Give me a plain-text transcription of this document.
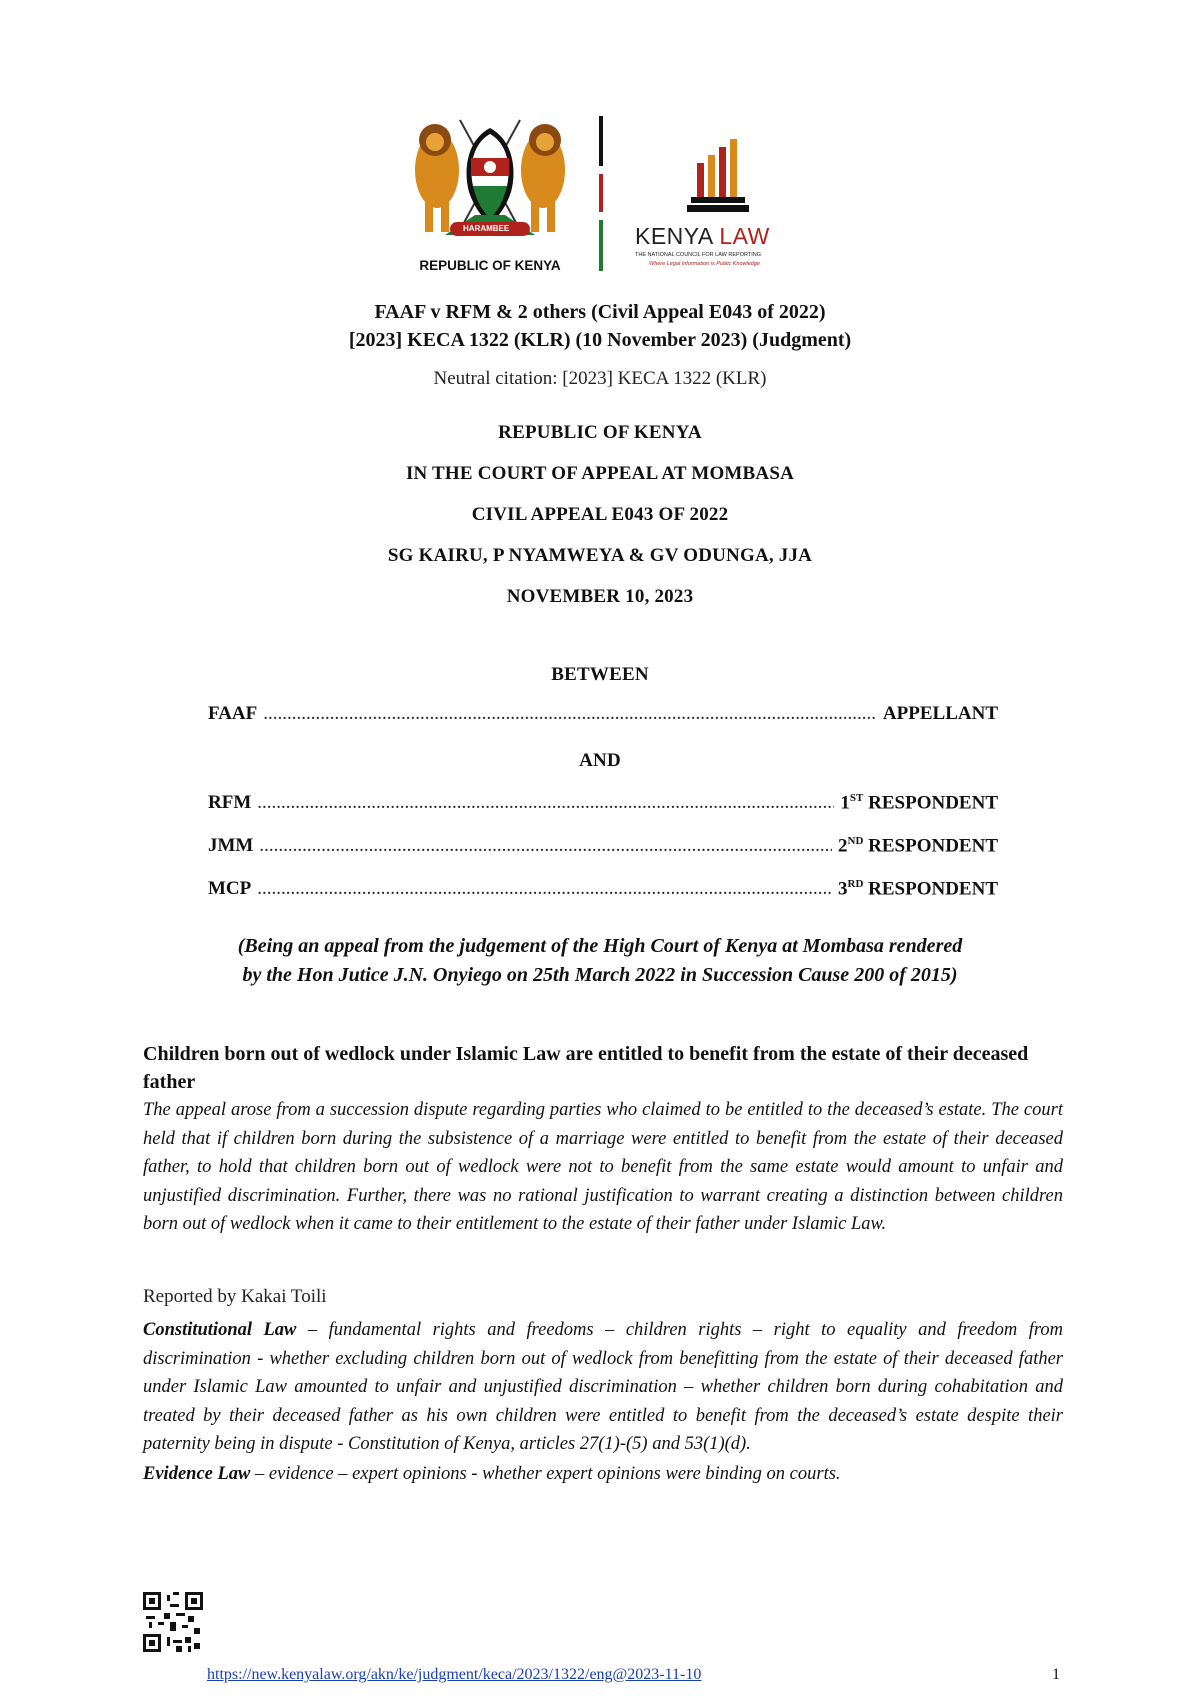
HARAMBEE
REPUBLIC OF KENYA
KENYA LAW
THE NATIONAL COUNCIL FOR LAW REPORTING
Where Legal Information is Public Knowledge
FAAF v RFM & 2 others (Civil Appeal E043 of 2022)
[2023] KECA 1322 (KLR) (10 November 2023) (Judgment)
Neutral citation: [2023] KECA 1322 (KLR)
REPUBLIC OF KENYA
IN THE COURT OF APPEAL AT MOMBASA
CIVIL APPEAL E043 OF 2022
SG KAIRU, P NYAMWEYA & GV ODUNGA, JJA
NOVEMBER 10, 2023
BETWEEN
FAAF .....	APPELLANT
AND
RFM .....	1ST RESPONDENT
JMM .....	2ND RESPONDENT
MCP .....	3RD RESPONDENT
(Being an appeal from the judgement of the High Court of Kenya at Mombasa rendered
by the Hon Jutice J.N. Onyiego on 25th March 2022 in Succession Cause 200 of 2015)
Children born out of wedlock under Islamic Law are entitled to benefit from the estate of their deceased father
The appeal arose from a succession dispute regarding parties who claimed to be entitled to the deceased’s estate. The court held that if children born during the subsistence of a marriage were entitled to benefit from the estate of their deceased father, to hold that children born out of wedlock were not to benefit from the same estate would amount to unfair and unjustified discrimination. Further, there was no rational justification to warrant creating a distinction between children born out of wedlock when it came to their entitlement to the estate of their father under Islamic Law.
Reported by Kakai Toili
Constitutional Law – fundamental rights and freedoms – children rights – right to equality and freedom from discrimination - whether excluding children born out of wedlock from benefitting from the estate of their deceased father under Islamic Law amounted to unfair and unjustified discrimination – whether children born during cohabitation and treated by their deceased father as his own children were entitled to benefit from the deceased’s estate despite their paternity being in dispute - Constitution of Kenya, articles 27(1)-(5) and 53(1)(d).
Evidence Law – evidence – expert opinions - whether expert opinions were binding on courts.
https://new.kenyalaw.org/akn/ke/judgment/keca/2023/1322/eng@2023-11-10	1
